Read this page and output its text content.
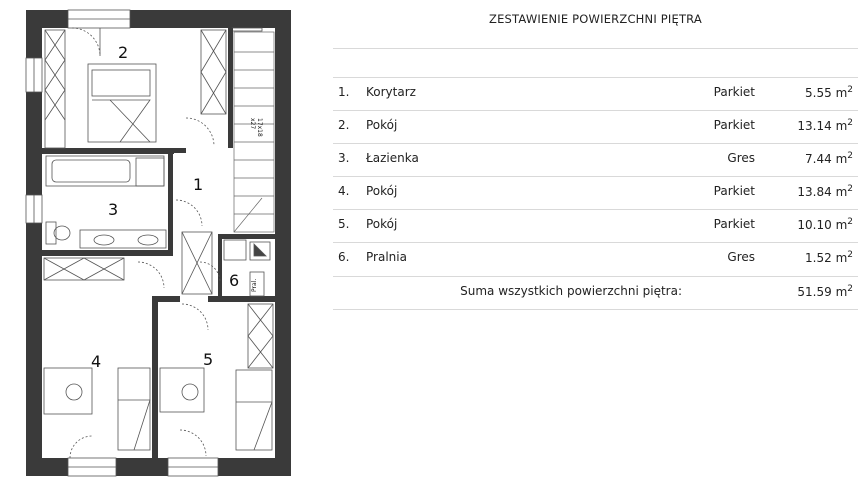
17x18
x27
Pral.
1
2
3
4	5
6
ZESTAWIENIE POWIERZCHNI PIĘTRA
1. Korytarz	Parkiet	5.55 $m^2$
2. Pokój	Parkiet	13.14 $m^2$
3. Łazienka	Gres	7.44 $m^2$
4. Pokój	Parkiet	13.84 $m^2$
5. Pokój	Parkiet	10.10 $m^2$
6. Pralnia	Gres	1.52 $m^2$
Suma wszystkich powierzchni piętra:	51.59 $m^2$
